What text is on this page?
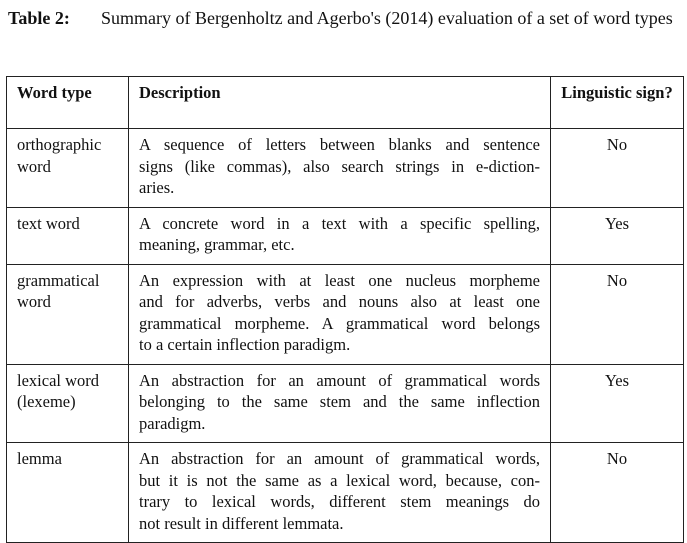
Table 2:	Summary of Bergenholtz and Agerbo's (2014) evaluation of a set of word types
Word type	Description	Linguistic sign?
orthographic word	A sequence of letters between blanks and sentence
signs (like commas), also search strings in e-diction-
aries.	No
text word	A concrete word in a text with a specific spelling,
meaning, grammar, etc.	Yes
grammatical word	An expression with at least one nucleus morpheme
and for adverbs, verbs and nouns also at least one
grammatical morpheme. A grammatical word belongs
to a certain inflection paradigm.	No
lexical word (lexeme)	An abstraction for an amount of grammatical words
belonging to the same stem and the same inflection
paradigm.	Yes
lemma	An abstraction for an amount of grammatical words,
but it is not the same as a lexical word, because, con-
trary to lexical words, different stem meanings do
not result in different lemmata.	No
